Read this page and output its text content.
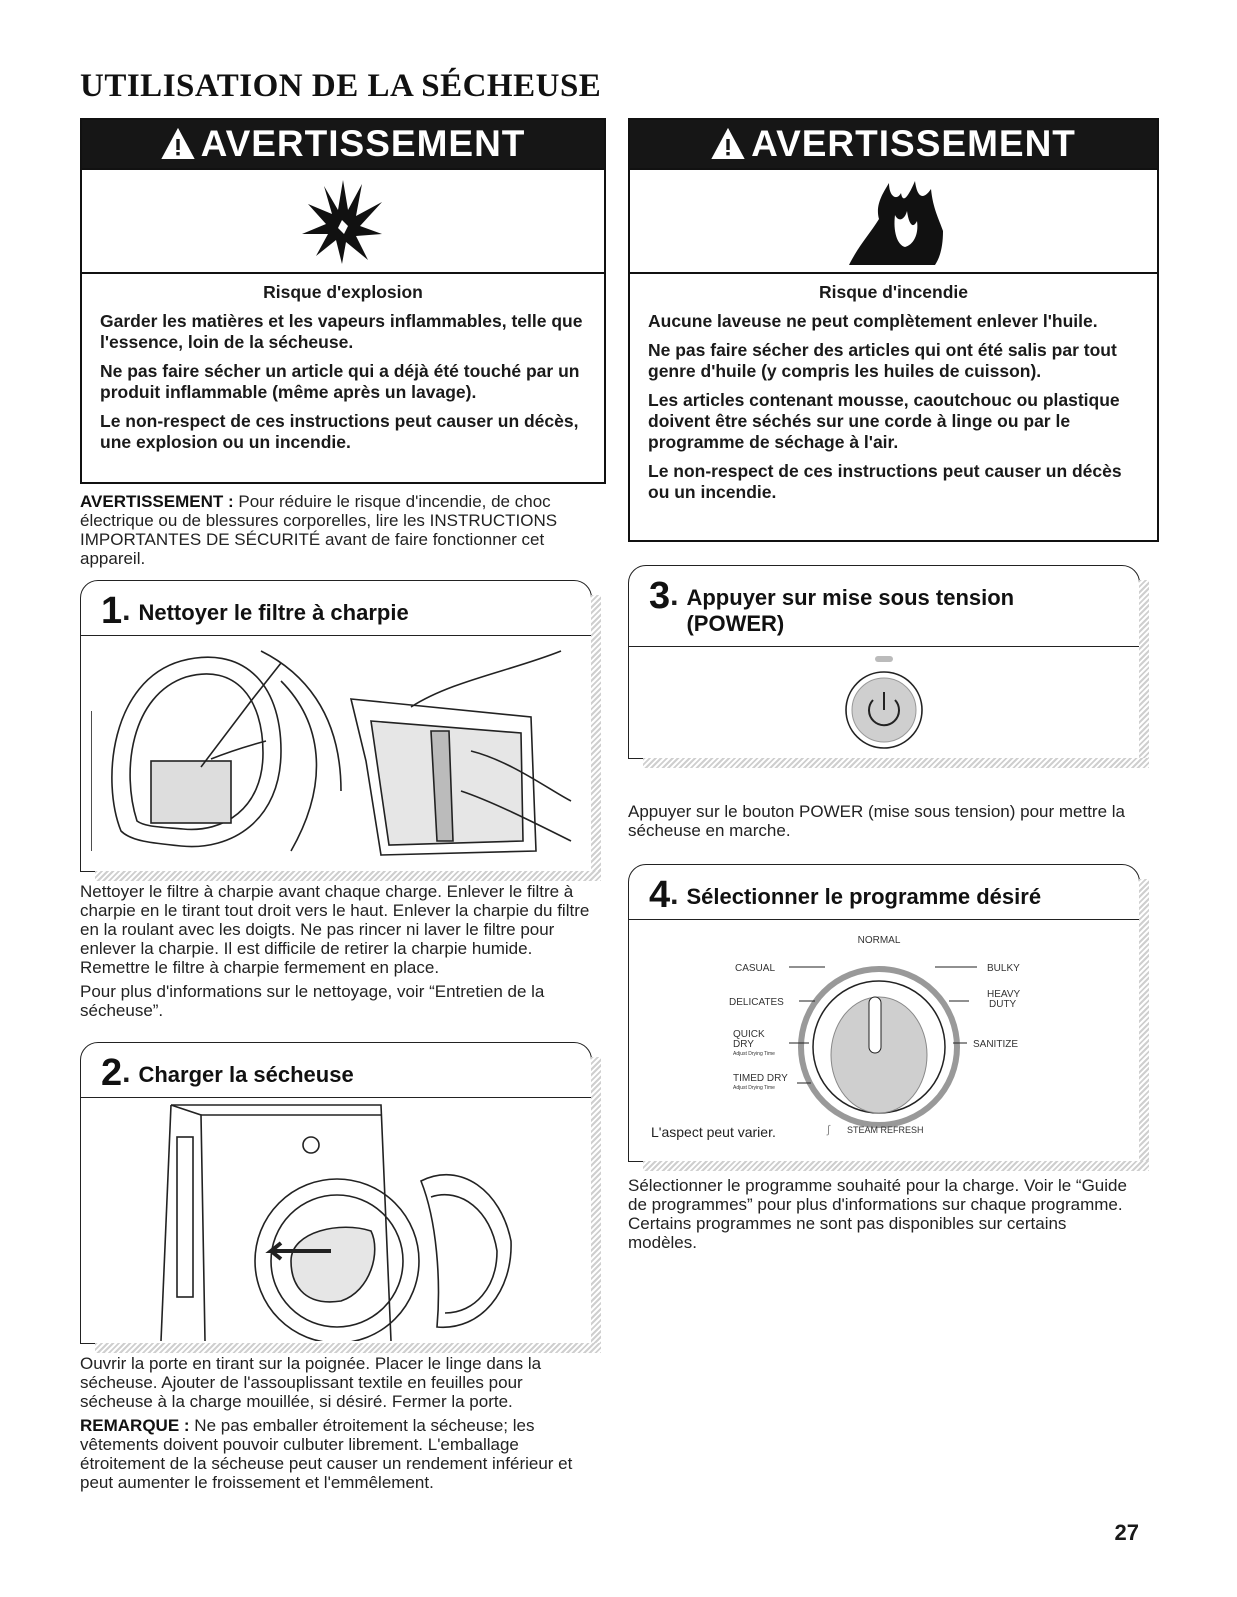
UTILISATION DE LA SÉCHEUSE
AVERTISSEMENT

Risque d'explosion

Garder les matières et les vapeurs inflammables, telle que l'essence, loin de la sécheuse.

Ne pas faire sécher un article qui a déjà été touché par un produit inflammable (même après un lavage).

Le non-respect de ces instructions peut causer un décès, une explosion ou un incendie.

AVERTISSEMENT

Risque d'incendie

Aucune laveuse ne peut complètement enlever l'huile.

Ne pas faire sécher des articles qui ont été salis par tout genre d'huile (y compris les huiles de cuisson).

Les articles contenant mousse, caoutchouc ou plastique doivent être séchés sur une corde à linge ou par le programme de séchage à l'air.

Le non-respect de ces instructions peut causer un décès ou un incendie.

AVERTISSEMENT : Pour réduire le risque d'incendie, de choc électrique ou de blessures corporelles, lire les INSTRUCTIONS IMPORTANTES DE SÉCURITÉ avant de faire fonctionner cet appareil.

1 . Nettoyer le filtre à charpie

Nettoyer le filtre à charpie avant chaque charge. Enlever le filtre à charpie en le tirant tout droit vers le haut. Enlever la charpie du filtre en la roulant avec les doigts. Ne pas rincer ni laver le filtre pour enlever la charpie. Il est difficile de retirer la charpie humide. Remettre le filtre à charpie fermement en place.

Pour plus d'informations sur le nettoyage, voir “Entretien de la sécheuse”.

2 . Charger la sécheuse

Ouvrir la porte en tirant sur la poignée. Placer le linge dans la sécheuse. Ajouter de l'assouplissant textile en feuilles pour sécheuse à la charge mouillée, si désiré. Fermer la porte.

REMARQUE : Ne pas emballer étroitement la sécheuse; les vêtements doivent pouvoir culbuter librement. L'emballage étroitement de la sécheuse peut causer un rendement inférieur et peut aumenter le froissement et l'emmêlement.

3 . Appuyer sur mise sous tension
(POWER)

Appuyer sur le bouton POWER (mise sous tension) pour mettre la sécheuse en marche.

4 . Sélectionner le programme désiré
NORMAL
CASUAL
DELICATES
QUICK
DRY
Adjust Drying Time
TIMED DRY
Adjust Drying Time
BULKY
HEAVY
DUTY
SANITIZE
STEAM REFRESH
∫
L'aspect peut varier.

Sélectionner le programme souhaité pour la charge. Voir le “Guide de programmes” pour plus d'informations sur chaque programme. Certains programmes ne sont pas disponibles sur certains modèles.

27
